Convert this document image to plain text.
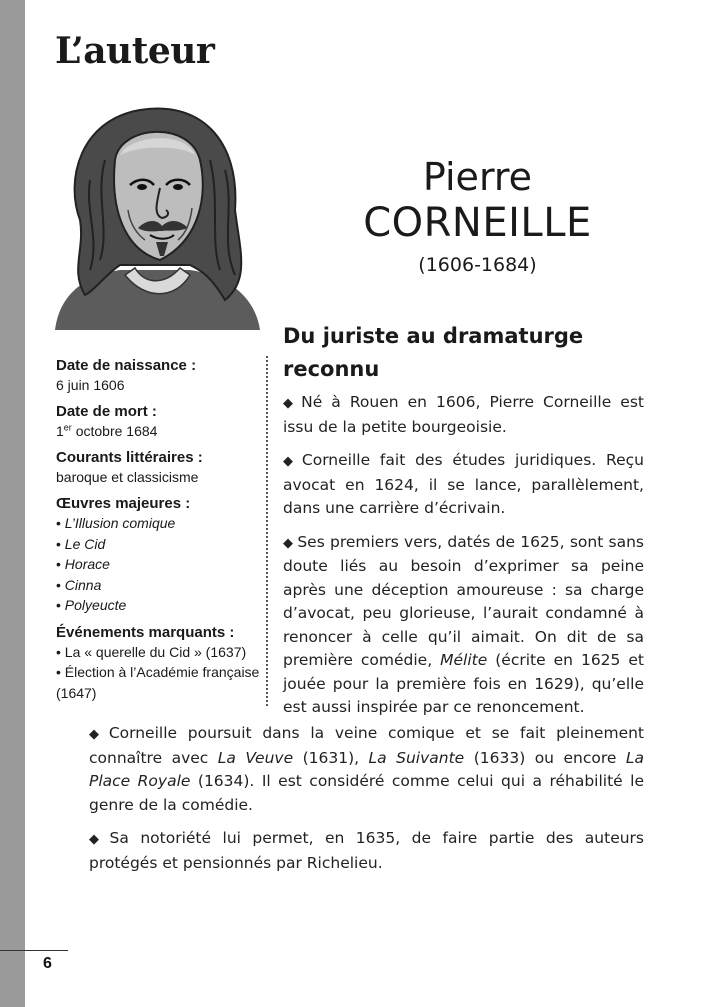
L’auteur
Pierre
CORNEILLE
(1606-1684)
Date de naissance :
6 juin 1606
Date de mort :
1er octobre 1684
Courants littéraires :
baroque et classicisme
Œuvres majeures :
• L’Illusion comique
• Le Cid
• Horace
• Cinna
• Polyeucte
Événements marquants :
• La « querelle du Cid » (1637)
• Élection à l’Académie française (1647)
Du juriste au dramaturge reconnu

◆ Né à Rouen en 1606, Pierre Corneille est issu de la petite bourgeoisie.

◆ Corneille fait des études juridiques. Reçu avocat en 1624, il se lance, parallèlement, dans une carrière d’écrivain.

◆ Ses premiers vers, datés de 1625, sont sans doute liés au besoin d’exprimer sa peine après une déception amoureuse : sa charge d’avocat, peu glorieuse, l’aurait condamné à renoncer à celle qu’il aimait. On dit de sa première comédie, Mélite (écrite en 1625 et jouée pour la première fois en 1629), qu’elle est aussi inspirée par ce renoncement.

◆ Corneille poursuit dans la veine comique et se fait pleinement connaître avec La Veuve (1631), La Suivante (1633) ou encore La Place Royale (1634). Il est considéré comme celui qui a réhabilité le genre de la comédie.

◆ Sa notoriété lui permet, en 1635, de faire partie des auteurs protégés et pensionnés par Richelieu.

6
